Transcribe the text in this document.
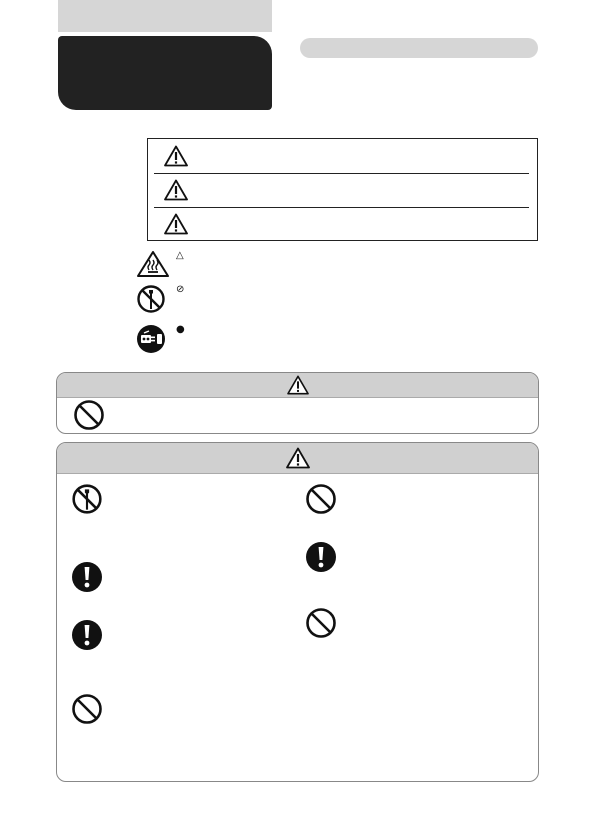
△
⊘
●
